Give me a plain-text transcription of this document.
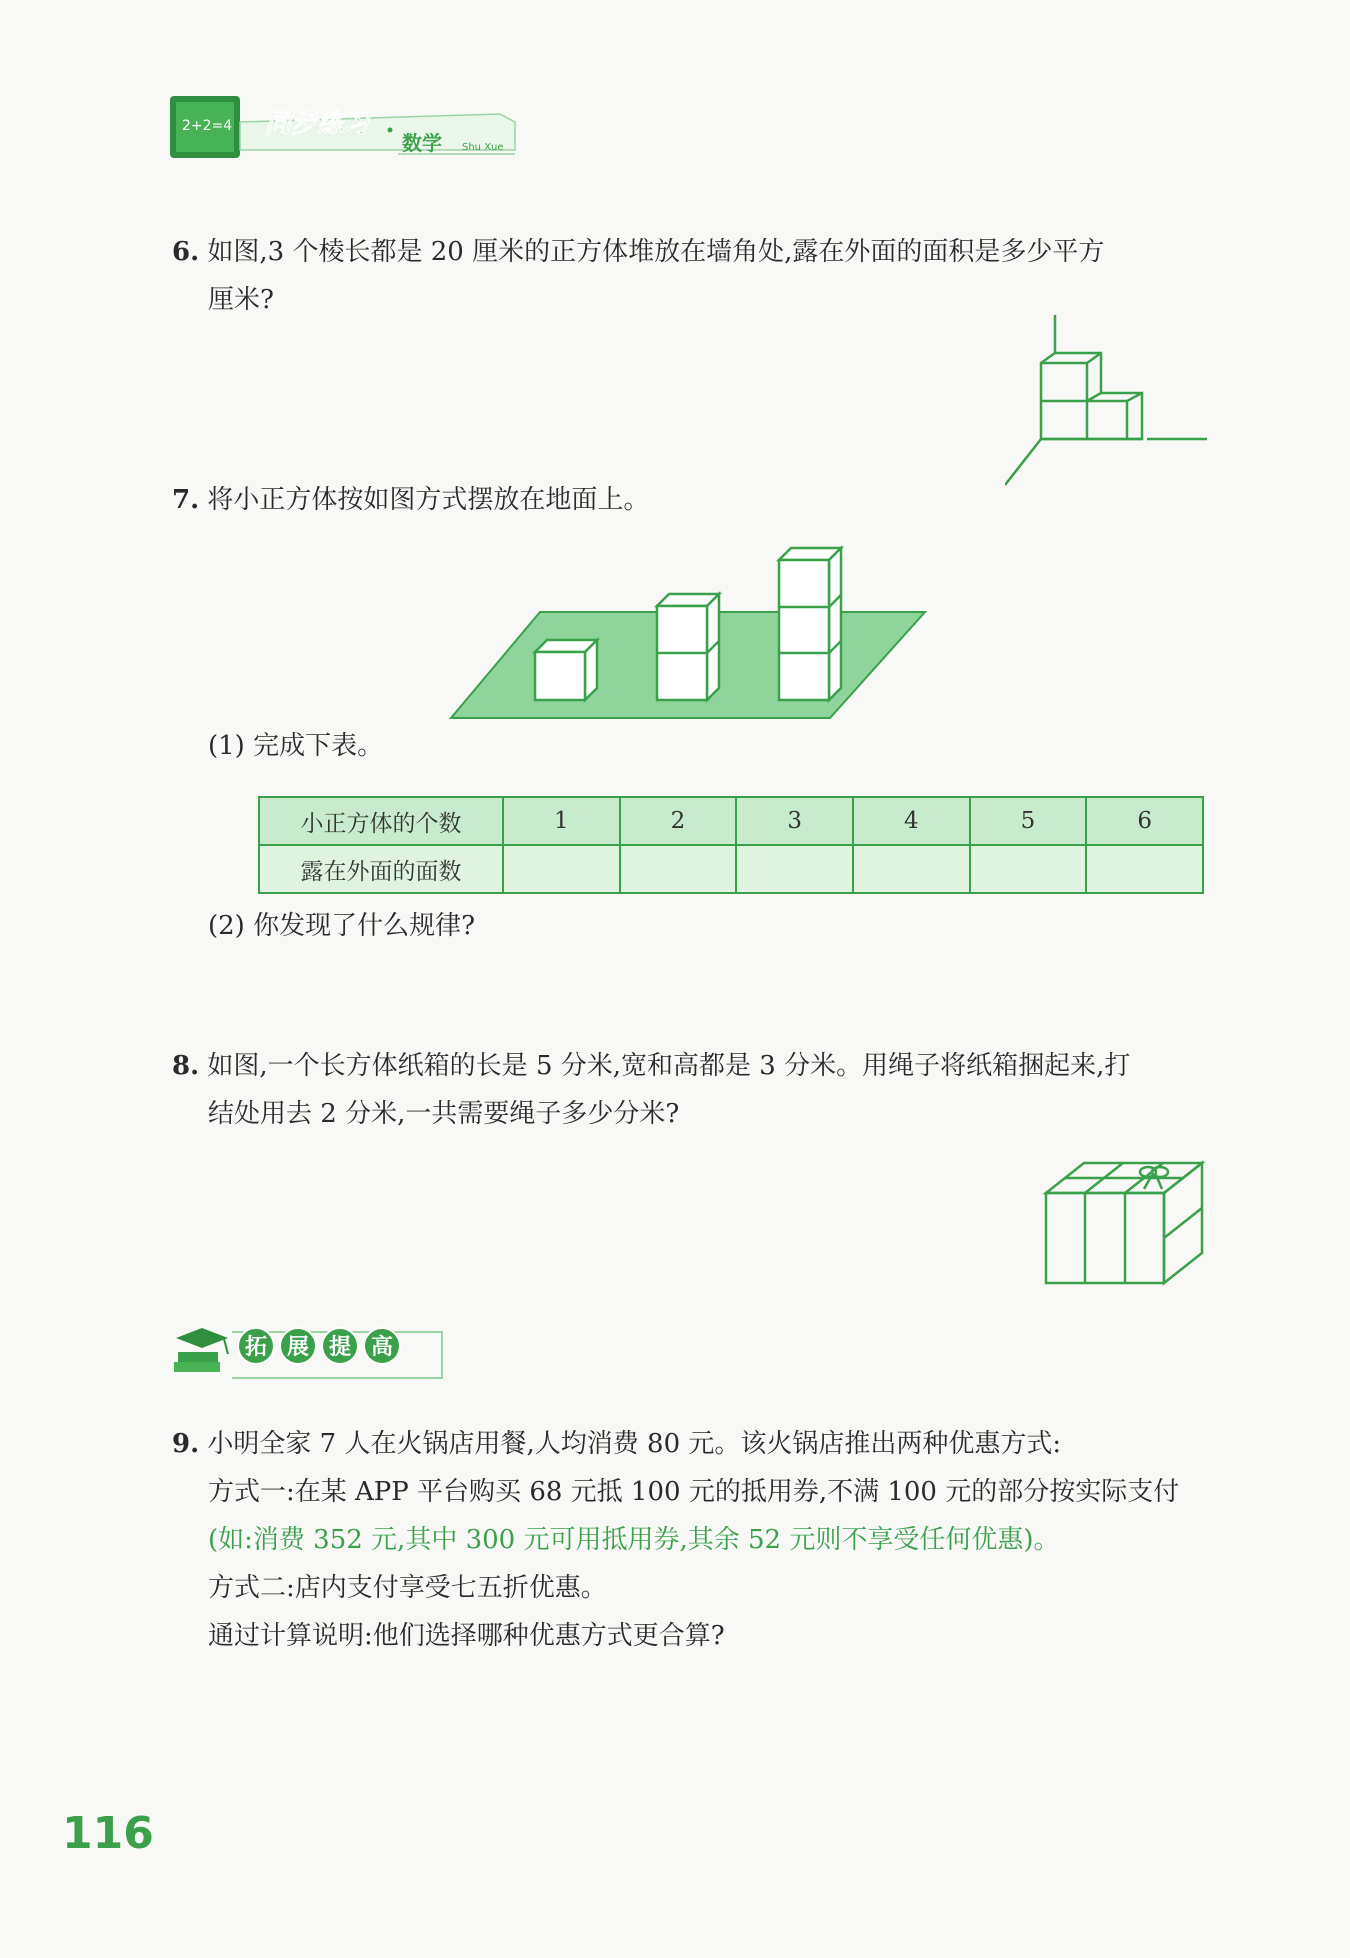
2+2=4 同步练习
数学 Shu Xue
6. 如图,3 个棱长都是 20 厘米的正方体堆放在墙角处,露在外面的面积是多少平方
厘米?
7. 将小正方体按如图方式摆放在地面上。
(1) 完成下表。
小正方体的个数	1	2	3	4	5	6
露在外面的面数						
(2) 你发现了什么规律?
8. 如图,一个长方体纸箱的长是 5 分米,宽和高都是 3 分米。用绳子将纸箱捆起来,打
结处用去 2 分米,一共需要绳子多少分米?
拓 展 提 高
9. 小明全家 7 人在火锅店用餐,人均消费 80 元。该火锅店推出两种优惠方式:
方式一:在某 APP 平台购买 68 元抵 100 元的抵用券,不满 100 元的部分按实际支付
(如:消费 352 元,其中 300 元可用抵用券,其余 52 元则不享受任何优惠)。
方式二:店内支付享受七五折优惠。
通过计算说明:他们选择哪种优惠方式更合算?
116
